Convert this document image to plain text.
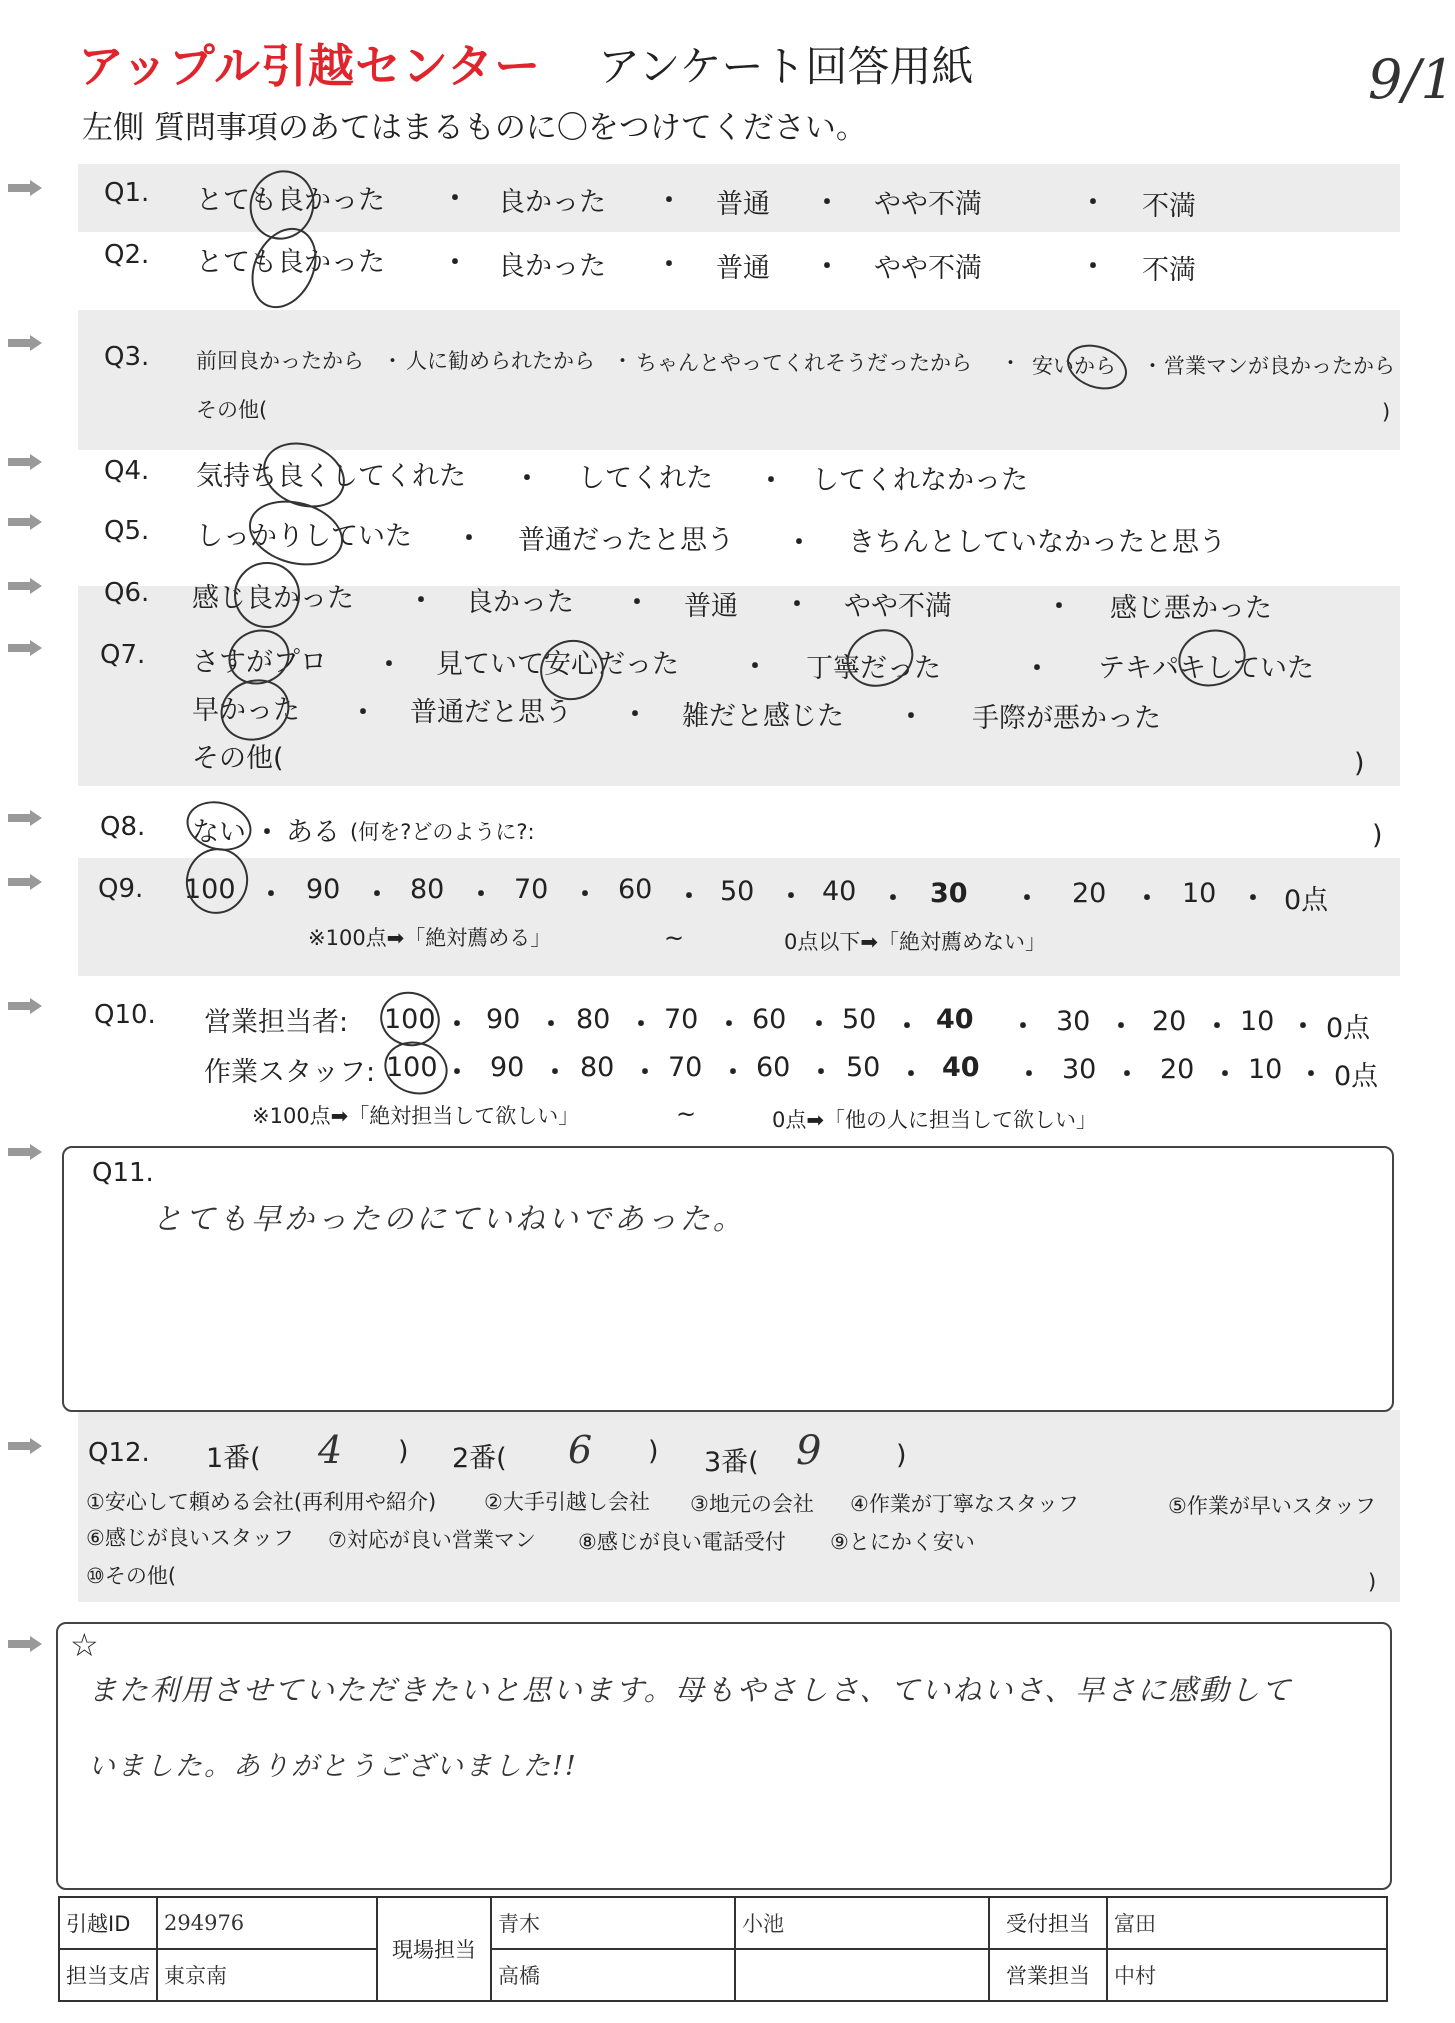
アップル引越センター アンケート回答用紙	9/1
左側 質問事項のあてはまるものに〇をつけてください。
Q1. とても良かった ・ 良かった ・ 普通 ・ やや不満	・ 不満
Q2. とても良かった ・ 良かった ・ 普通 ・ やや不満	・ 不満
Q3. 前回良かったから ・ 人に勧められたから ・ ちゃんとやってくれそうだったから ・ 安いから ・ 営業マンが良かったから
その他(	)
Q4. 気持ち良くしてくれた ・ してくれた ・ してくれなかった
Q5. しっかりしていた ・ 普通だったと思う ・ きちんとしていなかったと思う
Q6. 感じ良かった ・ 良かった ・ 普通 ・ やや不満	・ 感じ悪かった
Q7. さすがプロ ・ 見ていて安心だった ・ 丁寧だった	・ テキパキしていた
早かった ・ 普通だと思う ・ 雑だと感じた ・ 手際が悪かった
その他(	)
Q8. ない ・ ある (何を?どのように?:	)
Q9. 100 ・ 90 ・ 80 ・ 70 ・ 60 ・ 50 ・ 40 ・ 30 ・ 20 ・ 10 ・ 0点
※100点➡「絶対薦める」	~	0点以下➡「絶対薦めない」
Q10. 営業担当者: 100 ・ 90 ・ 80 ・ 70 ・ 60 ・ 50 ・ 40 ・ 30 ・ 20 ・ 10 ・ 0点
作業スタッフ: 100 ・ 90 ・ 80 ・ 70 ・ 60 ・ 50 ・ 40 ・ 30 ・ 20 ・ 10 ・ 0点
※100点➡「絶対担当して欲しい」	~	0点➡「他の人に担当して欲しい」
Q11.
とても早かったのにていねいであった。
Q12. 1番( 4 ) 2番( 6 ) 3番( 9	)
①安心して頼める会社(再利用や紹介) ②大手引越し会社 ③地元の会社 ④作業が丁寧なスタッフ	⑤作業が早いスタッフ
⑥感じが良いスタッフ ⑦対応が良い営業マン ⑧感じが良い電話受付 ⑨とにかく安い
⑩その他(	)
☆
また利用させていただきたいと思います。母もやさしさ、ていねいさ、早さに感動して
いました。ありがとうございました!!
引越ID	294976	現場担当	青木	小池	受付担当	富田
担当支店	東京南		高橋		営業担当	中村
